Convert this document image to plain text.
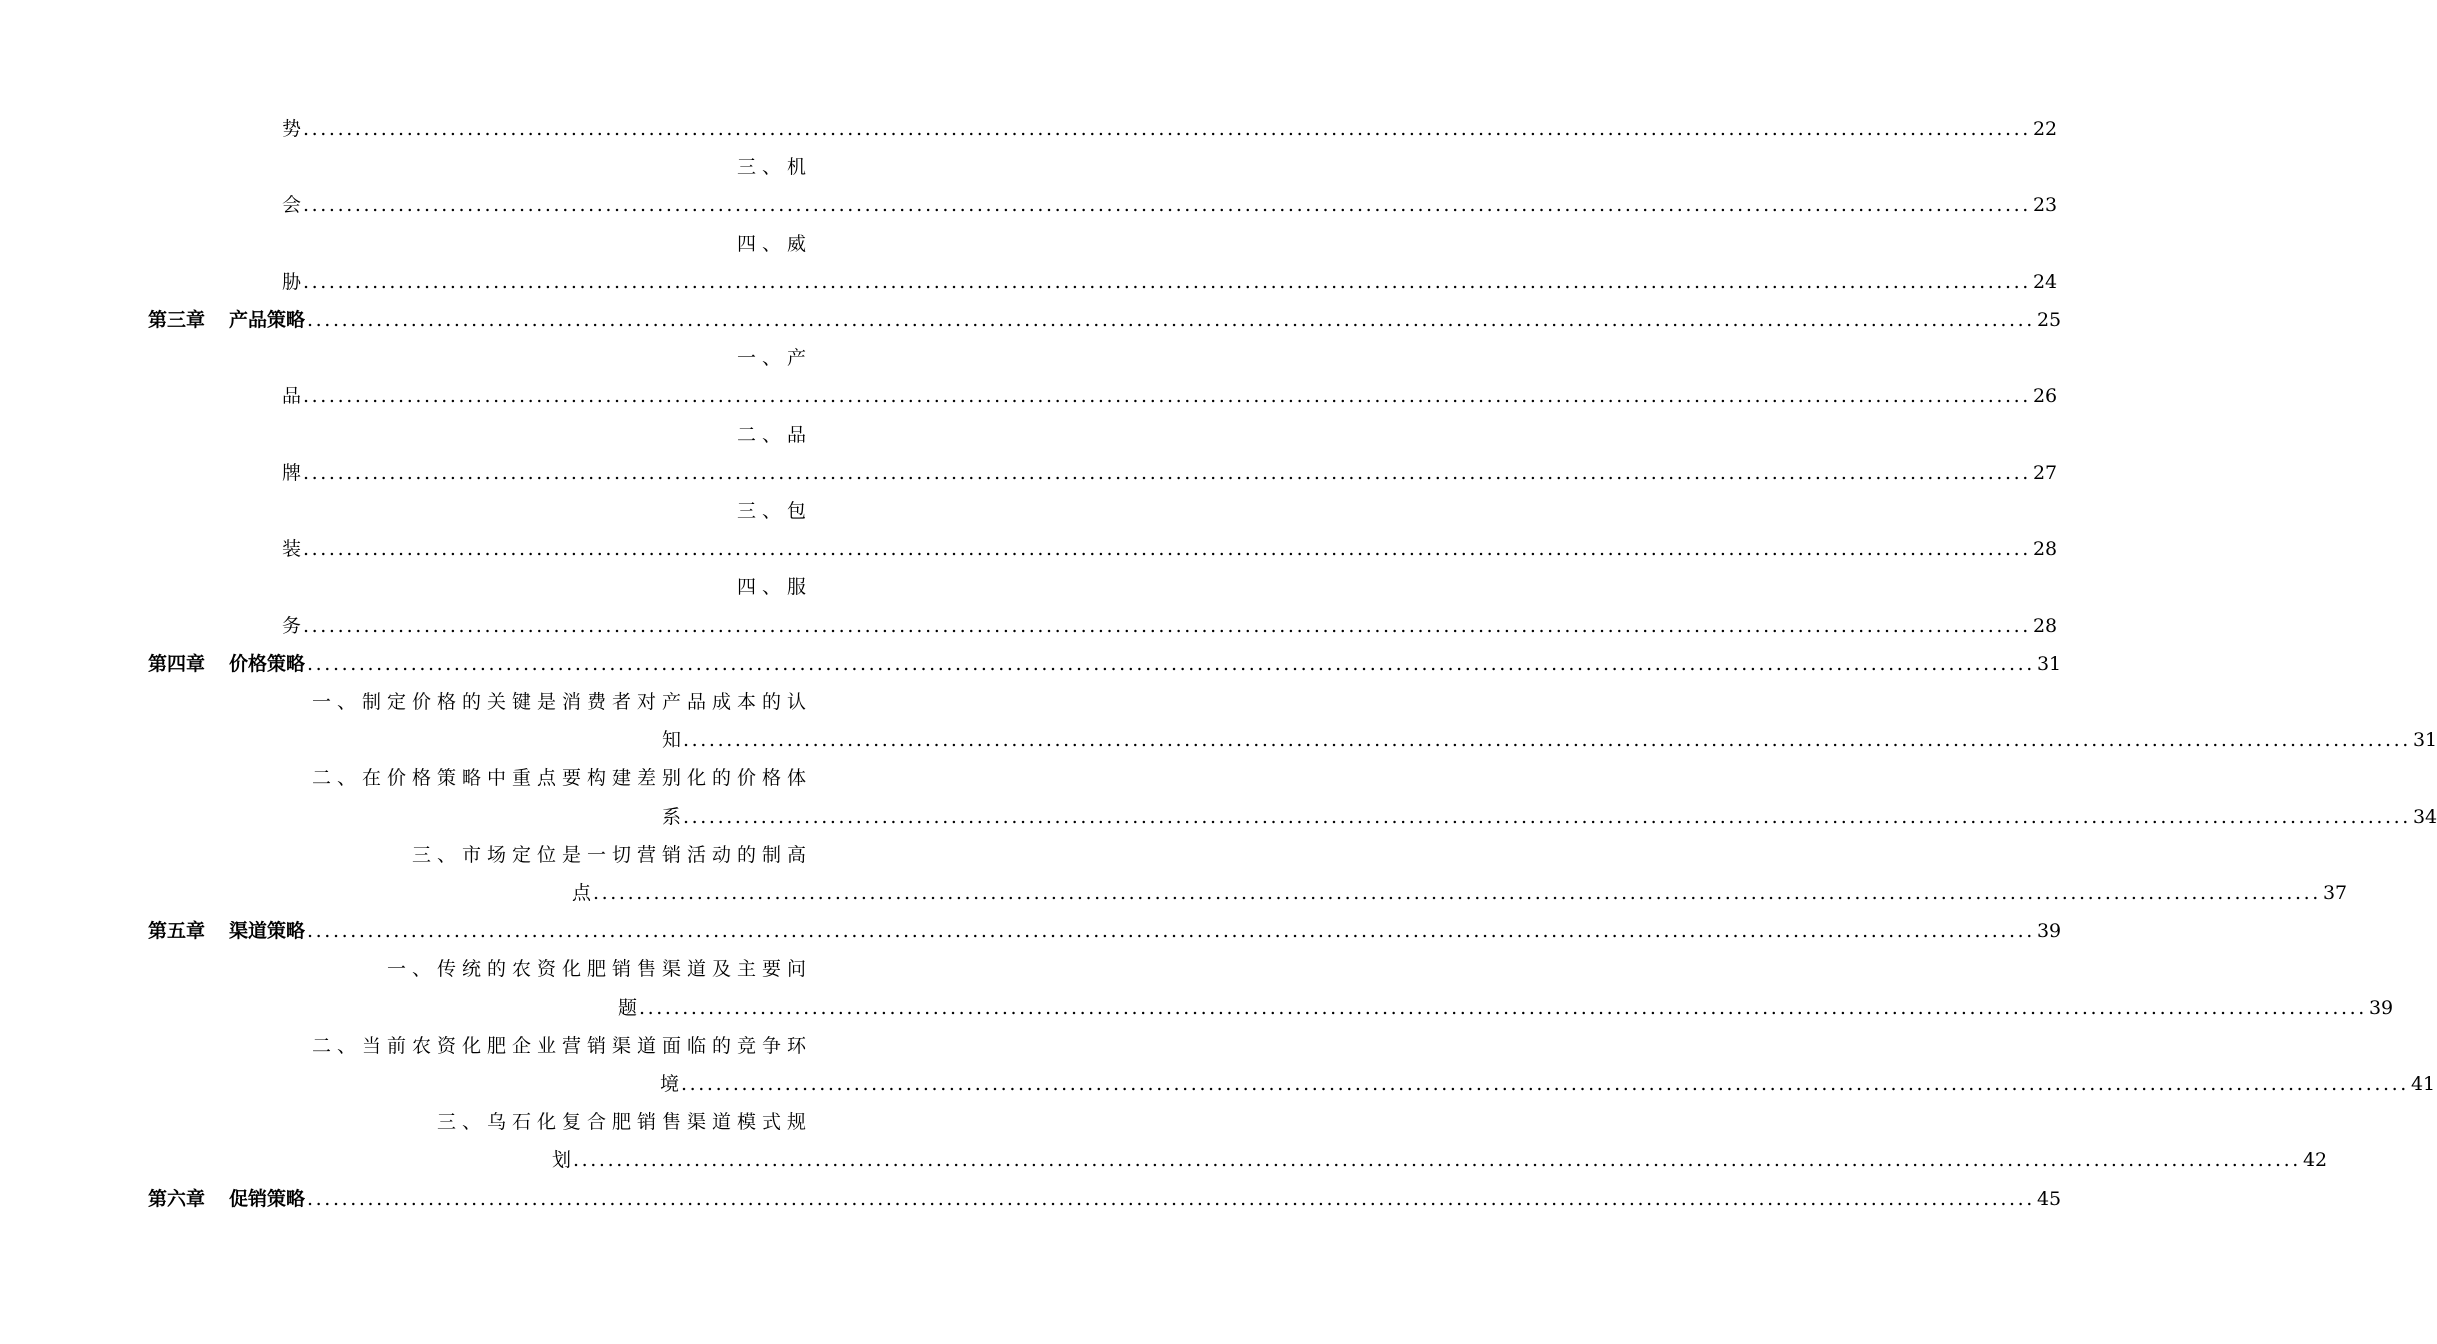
势 ........................................................................................................................................................................................................ 22
三、机
会 ........................................................................................................................................................................................................ 23
四、威
胁 ........................................................................................................................................................................................................ 24
第三章 产品策略 ........................................................................................................................................................................................................ 25
一、产
品 ........................................................................................................................................................................................................ 26
二、品
牌 ........................................................................................................................................................................................................ 27
三、包
装 ........................................................................................................................................................................................................ 28
四、服
务 ........................................................................................................................................................................................................ 28
第四章 价格策略 ........................................................................................................................................................................................................ 31
一、制定价格的关键是消费者对产品成本的认
知 ........................................................................................................................................................................................................ 31
二、在价格策略中重点要构建差别化的价格体
系 ........................................................................................................................................................................................................ 34
三、市场定位是一切营销活动的制高
点 ........................................................................................................................................................................................................ 37
第五章 渠道策略 ........................................................................................................................................................................................................ 39
一、传统的农资化肥销售渠道及主要问
题 ........................................................................................................................................................................................................ 39
二、当前农资化肥企业营销渠道面临的竞争环
境 ........................................................................................................................................................................................................ 41
三、乌石化复合肥销售渠道模式规
划 ........................................................................................................................................................................................................ 42
第六章 促销策略 ........................................................................................................................................................................................................ 45
